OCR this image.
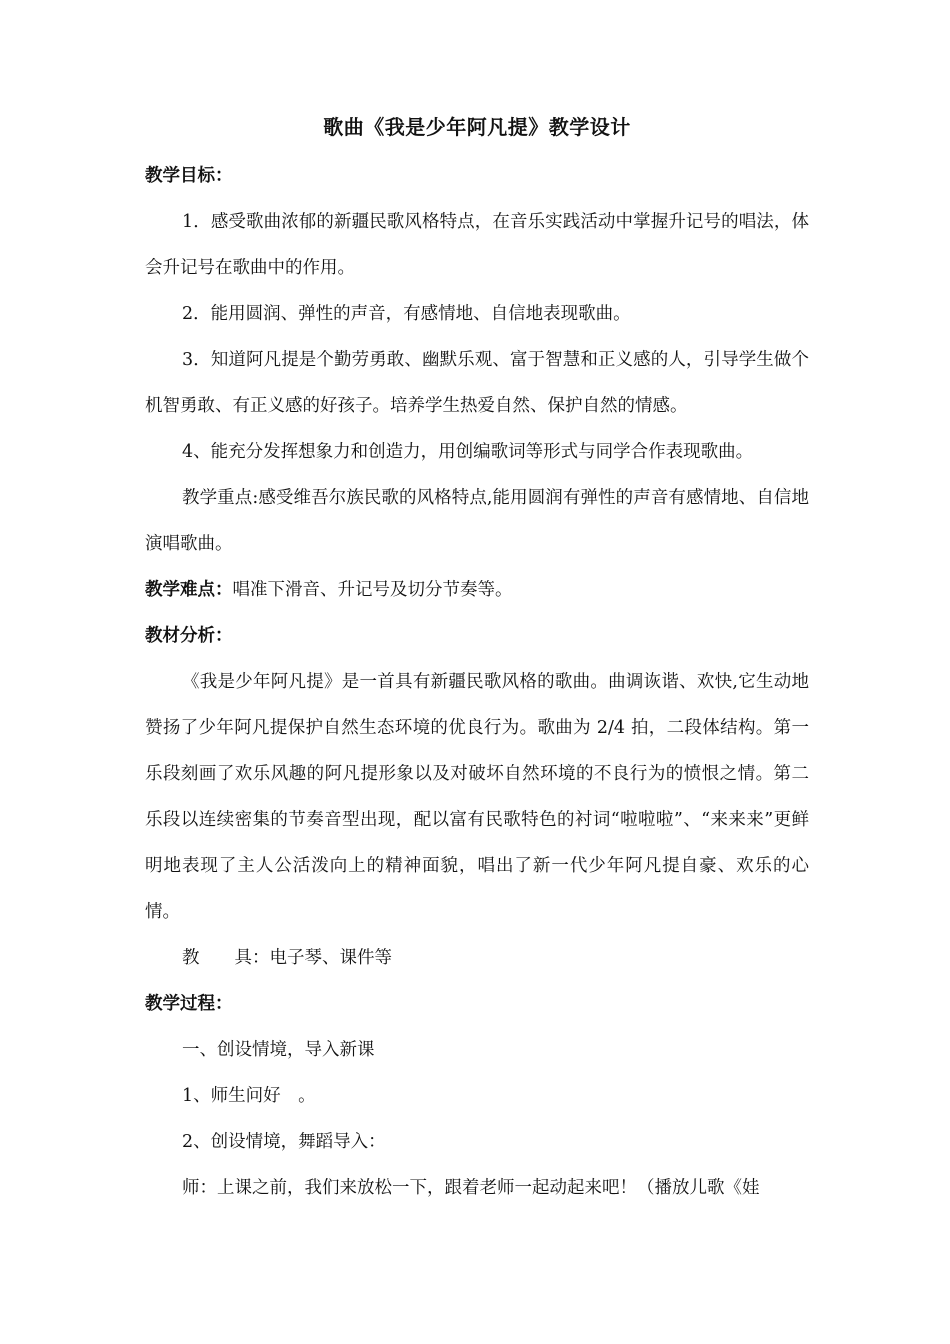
歌曲《我是少年阿凡提》教学设计

教学目标：

1．感受歌曲浓郁的新疆民歌风格特点，在音乐实践活动中掌握升记号的唱法，体会升记号在歌曲中的作用。

2．能用圆润、弹性的声音，有感情地、自信地表现歌曲。

3．知道阿凡提是个勤劳勇敢、幽默乐观、富于智慧和正义感的人，引导学生做个机智勇敢、有正义感的好孩子。培养学生热爱自然、保护自然的情感。

4、能充分发挥想象力和创造力，用创编歌词等形式与同学合作表现歌曲。

教学重点:感受维吾尔族民歌的风格特点,能用圆润有弹性的声音有感情地、自信地演唱歌曲。

教学难点：唱准下滑音、升记号及切分节奏等。

教材分析：

《我是少年阿凡提》是一首具有新疆民歌风格的歌曲。曲调诙谐、欢快,它生动地赞扬了少年阿凡提保护自然生态环境的优良行为。歌曲为 2/4 拍，二段体结构。第一乐段刻画了欢乐风趣的阿凡提形象以及对破坏自然环境的不良行为的愤恨之情。第二乐段以连续密集的节奏音型出现，配以富有民歌特色的衬词“啦啦啦”、“来来来”更鲜明地表现了主人公活泼向上的精神面貌，唱出了新一代少年阿凡提自豪、欢乐的心情。

教　　具：电子琴、课件等

教学过程：

一、创设情境，导入新课

1、师生问好　。

2、创设情境，舞蹈导入：

师：上课之前，我们来放松一下，跟着老师一起动起来吧！（播放儿歌《娃
